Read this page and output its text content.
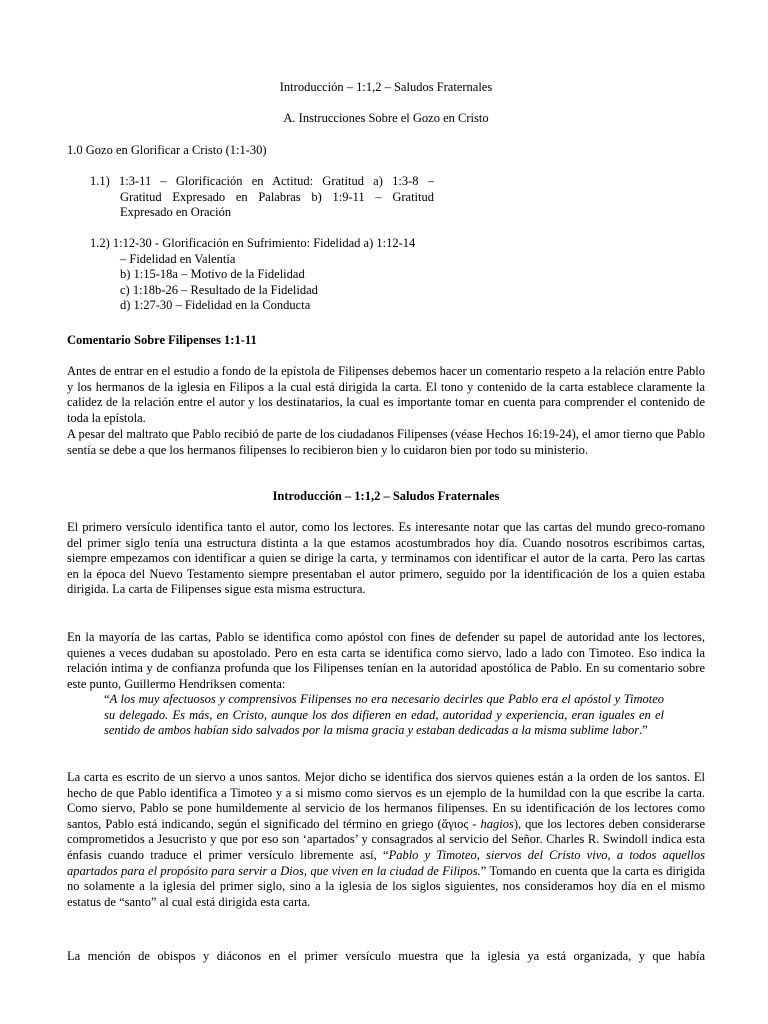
Introducción – 1:1,2 – Saludos Fraternales
A. Instrucciones Sobre el Gozo en Cristo
1.0 Gozo en Glorificar a Cristo (1:1-30)
1.1) 1:3-11 – Glorificación en Actitud: Gratitud a) 1:3-8 –
Gratitud Expresado en Palabras b) 1:9-11 – Gratitud
Expresado en Oración
1.2) 1:12-30 - Glorificación en Sufrimiento: Fidelidad a) 1:12-14
– Fidelidad en Valentía
b) 1:15-18a – Motivo de la Fidelidad
c) 1:18b-26 – Resultado de la Fidelidad
d) 1:27-30 – Fidelidad en la Conducta
Comentario Sobre Filipenses 1:1-11
Antes de entrar en el estudio a fondo de la epístola de Filipenses debemos hacer un comentario respeto a la relación entre Pablo y los hermanos de la iglesia en Filipos a la cual está dirigida la carta. El tono y contenido de la carta establece claramente la calidez de la relación entre el autor y los destinatarios, la cual es importante tomar en cuenta para comprender el contenido de toda la epístola.
A pesar del maltrato que Pablo recibió de parte de los ciudadanos Filipenses (véase Hechos 16:19-24), el amor tierno que Pablo sentía se debe a que los hermanos filipenses lo recibieron bien y lo cuidaron bien por todo su ministerio.
Introducción – 1:1,2 – Saludos Fraternales
El primero versículo identifica tanto el autor, como los lectores. Es interesante notar que las cartas del mundo greco-romano del primer siglo tenía una estructura distinta a la que estamos acostumbrados hoy día. Cuando nosotros escribimos cartas, siempre empezamos con identificar a quien se dirige la carta, y terminamos con identificar el autor de la carta. Pero las cartas en la época del Nuevo Testamento siempre presentaban el autor primero, seguido por la identificación de los a quien estaba dirigida. La carta de Filipenses sigue esta misma estructura.
En la mayoría de las cartas, Pablo se identifica como apóstol con fines de defender su papel de autoridad ante los lectores, quienes a veces dudaban su apostolado. Pero en esta carta se identifica como siervo, lado a lado con Timoteo. Eso indica la relación intima y de confianza profunda que los Filipenses tenían en la autoridad apostólica de Pablo. En su comentario sobre este punto, Guillermo Hendriksen comenta:
“A los muy afectuosos y comprensivos Filipenses no era necesario decirles que Pablo era el apóstol y Timoteo su delegado. Es más, en Cristo, aunque los dos difieren en edad, autoridad y experiencia, eran iguales en el sentido de ambos habían sido salvados por la misma gracia y estaban dedicadas a la misma sublime labor.”
La carta es escrito de un siervo a unos santos. Mejor dicho se identifica dos siervos quienes están a la orden de los santos. El hecho de que Pablo identifica a Timoteo y a si mismo como siervos es un ejemplo de la humildad con la que escribe la carta. Como siervo, Pablo se pone humildemente al servicio de los hermanos filipenses. En su identificación de los lectores como santos, Pablo está indicando, según el significado del término en griego (ἅγιος - hagios), que los lectores deben considerarse comprometidos a Jesucristo y que por eso son ‘apartados’ y consagrados al servicio del Señor. Charles R. Swindoll indica esta énfasis cuando traduce el primer versículo libremente así, “Pablo y Timoteo, siervos del Cristo vivo, a todos aquellos apartados para el propósito para servir a Dios, que viven en la ciudad de Filipos.” Tomando en cuenta que la carta es dirigida no solamente a la iglesia del primer siglo, sino a la iglesia de los siglos siguientes, nos consideramos hoy día en el mismo estatus de “santo” al cual está dirigida esta carta.
La mención de obispos y diáconos en el primer versículo muestra que la iglesia ya está organizada, y que había
